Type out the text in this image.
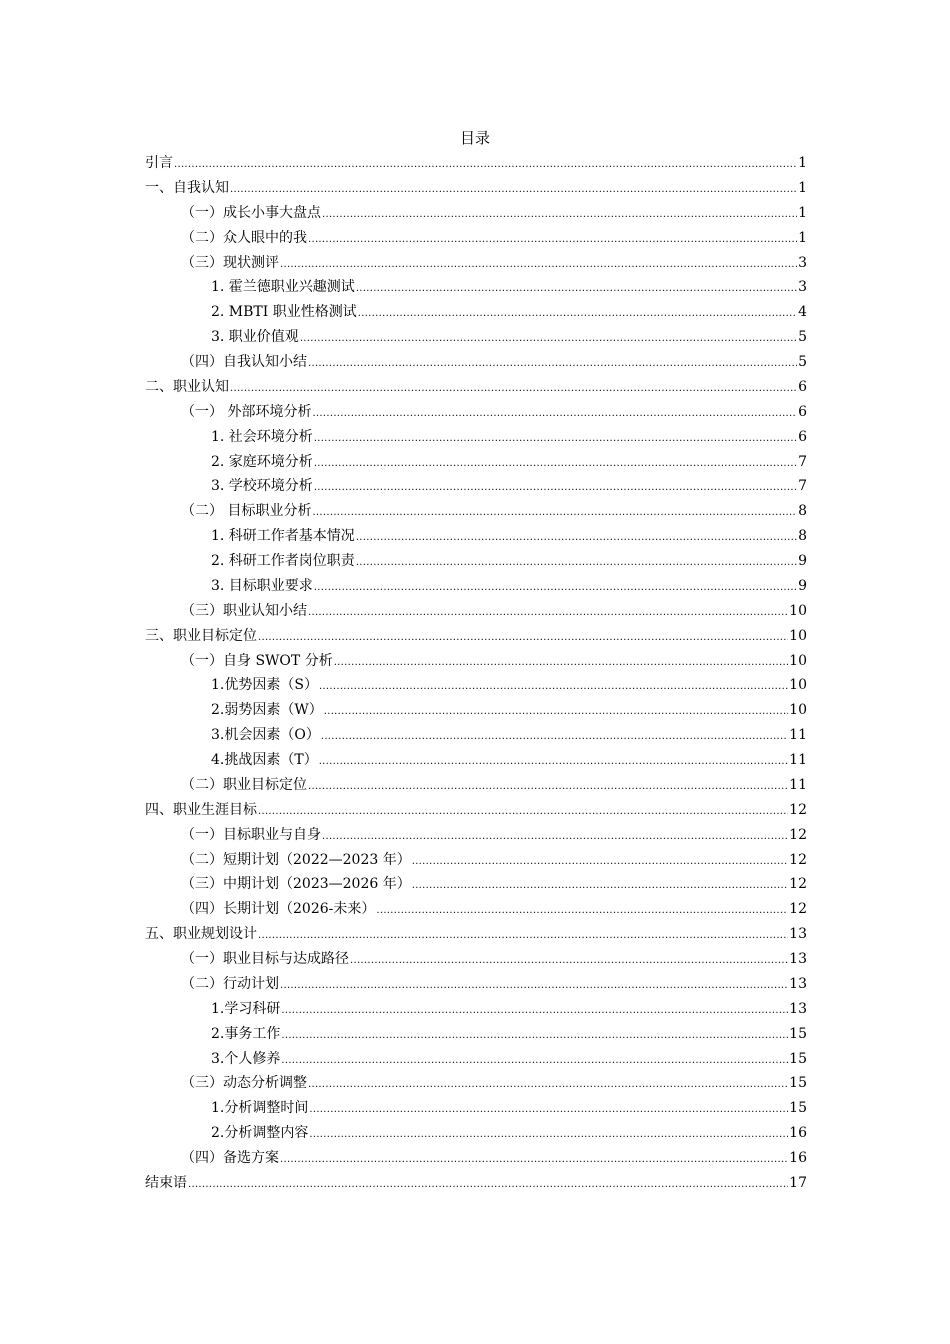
目录
引言 .....	1
一、自我认知 .....	1
（一）成长小事大盘点 .....	1
（二）众人眼中的我 .....	1
（三）现状测评 .....	3
1. 霍兰德职业兴趣测试 .....	3
2. MBTI 职业性格测试 .....	4
3. 职业价值观 .....	5
（四）自我认知小结 .....	5
二、职业认知 .....	6
（一） 外部环境分析 .....	6
1. 社会环境分析 .....	6
2. 家庭环境分析 .....	7
3. 学校环境分析 .....	7
（二） 目标职业分析 .....	8
1. 科研工作者基本情况 .....	8
2. 科研工作者岗位职责 .....	9
3. 目标职业要求 .....	9
（三）职业认知小结 .....	10
三、职业目标定位 .....	10
（一）自身 SWOT 分析 .....	10
1.优势因素（S） .....	10
2.弱势因素（W） .....	10
3.机会因素（O） .....	11
4.挑战因素（T） .....	11
（二）职业目标定位 .....	11
四、职业生涯目标 .....	12
（一）目标职业与自身 .....	12
（二）短期计划（2022—2023 年） .....	12
（三）中期计划（2023—2026 年） .....	12
（四）长期计划（2026-未来） .....	12
五、职业规划设计 .....	13
（一）职业目标与达成路径 .....	13
（二）行动计划 .....	13
1.学习科研 .....	13
2.事务工作 .....	15
3.个人修养 .....	15
（三）动态分析调整 .....	15
1.分析调整时间 .....	15
2.分析调整内容 .....	16
（四）备选方案 .....	16
结束语 .....	17
